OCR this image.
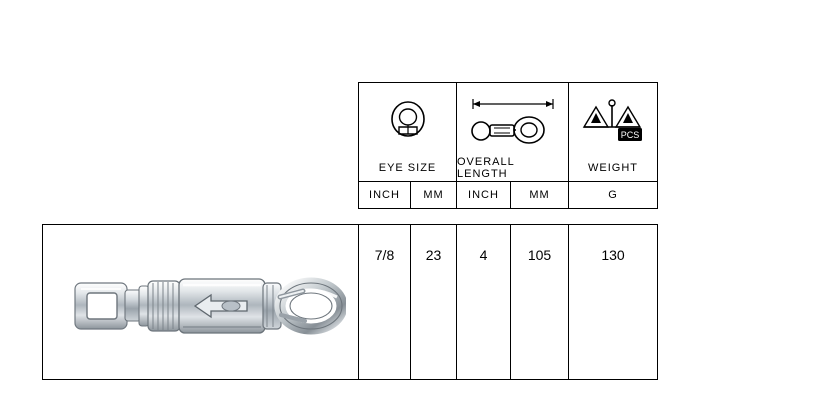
PCS
EYE SIZE	OVERALL LENGTH	WEIGHT
INCH	MM	INCH	MM	G
7/8	23	4	105	130
